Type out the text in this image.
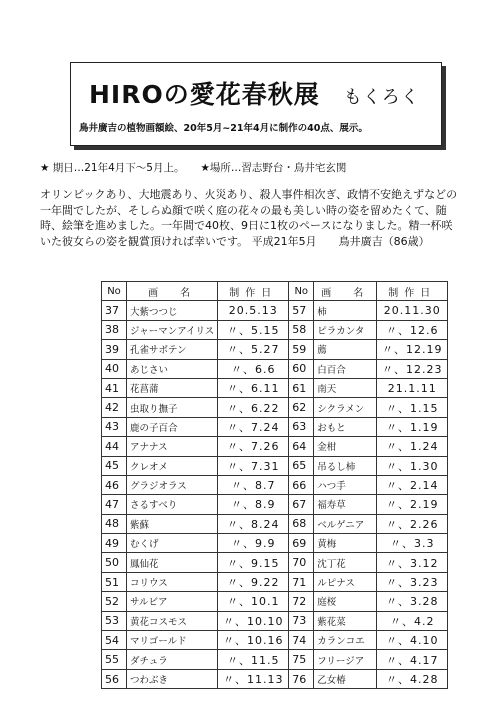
HIROの愛花春秋展 もくろく
鳥井廣吉の植物画額絵、20年5月~21年4月に制作の40点、展示。
★ 期日…21年4月下～5月上。 ★場所…習志野台・鳥井宅玄関
オリンピックあり、大地震あり、火災あり、殺人事件相次ぎ、政情不安絶えずなどの一年間でしたが、そしらぬ顔で咲く庭の花々の最も美しい時の姿を留めたくて、随時、絵筆を進めました。一年間で40枚、9日に1枚のペースになりました。精一杯咲いた彼女らの姿を観賞頂ければ幸いです。 平成21年5月　　鳥井廣吉（86歳）
No	画　名	制作日	No	画　名	制作日
37	大紫つつじ	20.5.13	57	柿	20.11.30
38	ジャーマンアイリス	〃、5.15	58	ピラカンタ	〃、12.6
39	孔雀サボテン	〃、5.27	59	薦	〃、12.19
40	あじさい	〃、6.6	60	白百合	〃、12.23
41	花菖蒲	〃、6.11	61	南天	21.1.11
42	虫取り撫子	〃、6.22	62	シクラメン	〃、1.15
43	鹿の子百合	〃、7.24	63	おもと	〃、1.19
44	アナナス	〃、7.26	64	金柑	〃、1.24
45	クレオメ	〃、7.31	65	吊るし柿	〃、1.30
46	グラジオラス	〃、8.7	66	ハつ手	〃、2.14
47	さるすべり	〃、8.9	67	福寿草	〃、2.19
48	紫蘇	〃、8.24	68	ベルゲニア	〃、2.26
49	むくげ	〃、9.9	69	黄梅	〃、3.3
50	鳳仙花	〃、9.15	70	沈丁花	〃、3.12
51	コリウス	〃、9.22	71	ルピナス	〃、3.23
52	サルビア	〃、10.1	72	庭桜	〃、3.28
53	黄花コスモス	〃、10.10	73	紫花菜	〃、4.2
54	マリゴールド	〃、10.16	74	カランコエ	〃、4.10
55	ダチュラ	〃、11.5	75	フリージア	〃、4.17
56	つわぶき	〃、11.13	76	乙女椿	〃、4.28
